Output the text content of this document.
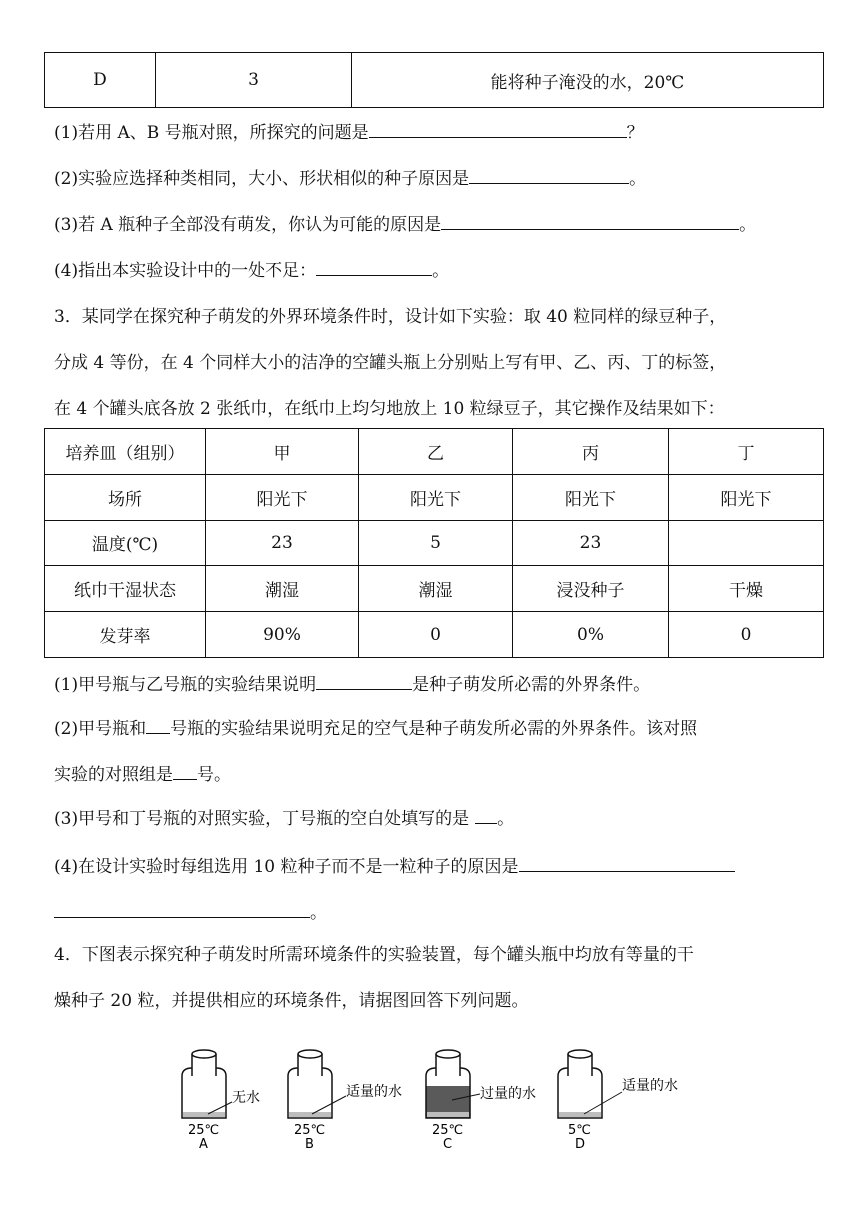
D	3	能将种子淹没的水，20℃
(1)若用 A、B 号瓶对照，所探究的问题是	？
(2)实验应选择种类相同，大小、形状相似的种子原因是	。
(3)若 A 瓶种子全部没有萌发，你认为可能的原因是	。
(4)指出本实验设计中的一处不足：	。
3．某同学在探究种子萌发的外界环境条件时，设计如下实验：取 40 粒同样的绿豆种子，
分成 4 等份，在 4 个同样大小的洁净的空罐头瓶上分别贴上写有甲、乙、丙、丁的标签，
在 4 个罐头底各放 2 张纸巾，在纸巾上均匀地放上 10 粒绿豆子，其它操作及结果如下：
培养皿（组别）	甲	乙	丙	丁
场所	阳光下	阳光下	阳光下	阳光下
温度(℃)	23	5	23	
纸巾干湿状态	潮湿	潮湿	浸没种子	干燥
发芽率	90%	0	0%	0
(1)甲号瓶与乙号瓶的实验结果说明	是种子萌发所必需的外界条件。
(2)甲号瓶和 号瓶的实验结果说明充足的空气是种子萌发所必需的外界条件。该对照
实验的对照组是 号。
(3)甲号和丁号瓶的对照实验，丁号瓶的空白处填写的是 。
(4)在设计实验时每组选用 10 粒种子而不是一粒种子的原因是
。
4．下图表示探究种子萌发时所需环境条件的实验装置，每个罐头瓶中均放有等量的干
燥种子 20 粒，并提供相应的环境条件，请据图回答下列问题。
无水
25℃
A
适量的水
25℃
B
过量的水
25℃
C
适量的水
5℃
D
